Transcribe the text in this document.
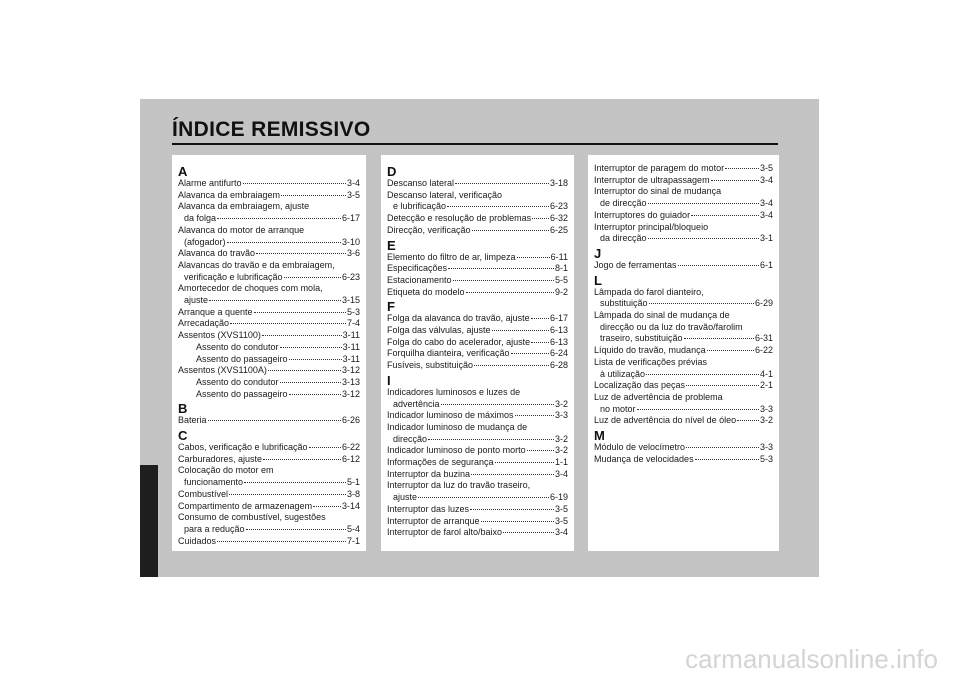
ÍNDICE REMISSIVO
A
Alarme antifurto	3-4
Alavanca da embraiagem	3-5
Alavanca da embraiagem, ajuste
da folga	6-17
Alavanca do motor de arranque
(afogador)	3-10
Alavanca do travão	3-6
Alavancas do travão e da embraiagem,
verificação e lubrificação	6-23
Amortecedor de choques com mola,
ajuste	3-15
Arranque a quente	5-3
Arrecadação	7-4
Assentos (XVS1100)	3-11
Assento do condutor	3-11
Assento do passageiro	3-11
Assentos (XVS1100A)	3-12
Assento do condutor	3-13
Assento do passageiro	3-12
B
Bateria	6-26
C
Cabos, verificação e lubrificação	6-22
Carburadores, ajuste	6-12
Colocação do motor em
funcionamento	5-1
Combustível	3-8
Compartimento de armazenagem	3-14
Consumo de combustível, sugestões
para a redução	5-4
Cuidados	7-1
D
Descanso lateral	3-18
Descanso lateral, verificação
e lubrificação	6-23
Detecção e resolução de problemas 6-32
Direcção, verificação	6-25
E
Elemento do filtro de ar, limpeza	6-11
Especificações	8-1
Estacionamento	5-5
Etiqueta do modelo	9-2
F
Folga da alavanca do travão, ajuste 6-17
Folga das válvulas, ajuste	6-13
Folga do cabo do acelerador, ajuste 6-13
Forquilha dianteira, verificação	6-24
Fusíveis, substituição	6-28
I
Indicadores luminosos e luzes de
advertência	3-2
Indicador luminoso de máximos	3-3
Indicador luminoso de mudança de
direcção	3-2
Indicador luminoso de ponto morto	3-2
Informações de segurança	1-1
Interruptor da buzina	3-4
Interruptor da luz do travão traseiro,
ajuste	6-19
Interruptor das luzes	3-5
Interruptor de arranque	3-5
Interruptor de farol alto/baixo	3-4
Interruptor de paragem do motor	3-5
Interruptor de ultrapassagem	3-4
Interruptor do sinal de mudança
de direcção	3-4
Interruptores do guiador	3-4
Interruptor principal/bloqueio
da direcção	3-1
J
Jogo de ferramentas	6-1
L
Lâmpada do farol dianteiro,
substituição	6-29
Lâmpada do sinal de mudança de
direcção ou da luz do travão/farolim
traseiro, substituição	6-31
Líquido do travão, mudança	6-22
Lista de verificações prévias
à utilização	4-1
Localização das peças	2-1
Luz de advertência de problema
no motor	3-3
Luz de advertência do nível de óleo	3-2
M
Módulo de velocímetro	3-3
Mudança de velocidades	5-3
carmanualsonline.info
